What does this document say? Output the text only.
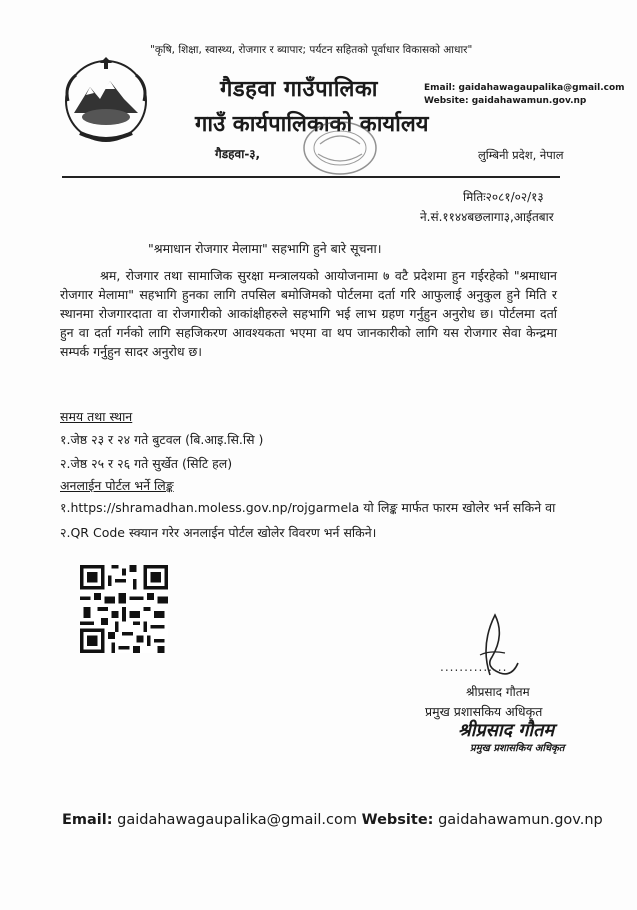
"कृषि, शिक्षा, स्वास्थ्य, रोजगार र ब्यापार; पर्यटन सहितको पूर्वाधार विकासको आधार"
गैडहवा गाउँपालिका
गाउँ कार्यपालिकाको कार्यालय
Email: gaidahawagaupalika@gmail.com
Website: gaidahawamun.gov.np
गैडहवा-३,	लुम्बिनी प्रदेश, नेपाल
मितिः२०८१/०२/१३
ने.सं.११४४बछलागा३,आईतबार
"श्रमाधान रोजगार मेलामा" सहभागि हुने बारे सूचना।
श्रम, रोजगार तथा सामाजिक सुरक्षा मन्त्रालयको आयोजनामा ७ वटै प्रदेशमा हुन गईरहेको "श्रमाधान रोजगार मेलामा" सहभागि हुनका लागि तपसिल बमोजिमको पोर्टलमा दर्ता गरि आफुलाई अनुकुल हुने मिति र स्थानमा रोजगारदाता वा रोजगारीको आकांक्षीहरुले सहभागि भई लाभ ग्रहण गर्नुहुन अनुरोध छ। पोर्टलमा दर्ता हुन वा दर्ता गर्नको लागि सहजिकरण आवश्यकता भएमा वा थप जानकारीको लागि यस रोजगार सेवा केन्द्रमा सम्पर्क गर्नुहुन सादर अनुरोध छ।
समय तथा स्थान
१.जेष्ठ २३ र २४ गते बुटवल (बि.आइ.सि.सि )
२.जेष्ठ २५ र २६ गते सुर्खेत (सिटि हल)
अनलाईन पोर्टल भर्ने लिङ्क
१.https://shramadhan.moless.gov.np/rojgarmela यो लिङ्क मार्फत फारम खोलेर भर्न सकिने वा
२.QR Code स्क्यान गरेर अनलाईन पोर्टल खोलेर विवरण भर्न सकिने।
..............
श्रीप्रसाद गौतम
प्रमुख प्रशासकिय अधिकृत
श्रीप्रसाद गौतम
प्रमुख प्रशासकिय अधिकृत
Email: gaidahawagaupalika@gmail.com Website: gaidahawamun.gov.np
